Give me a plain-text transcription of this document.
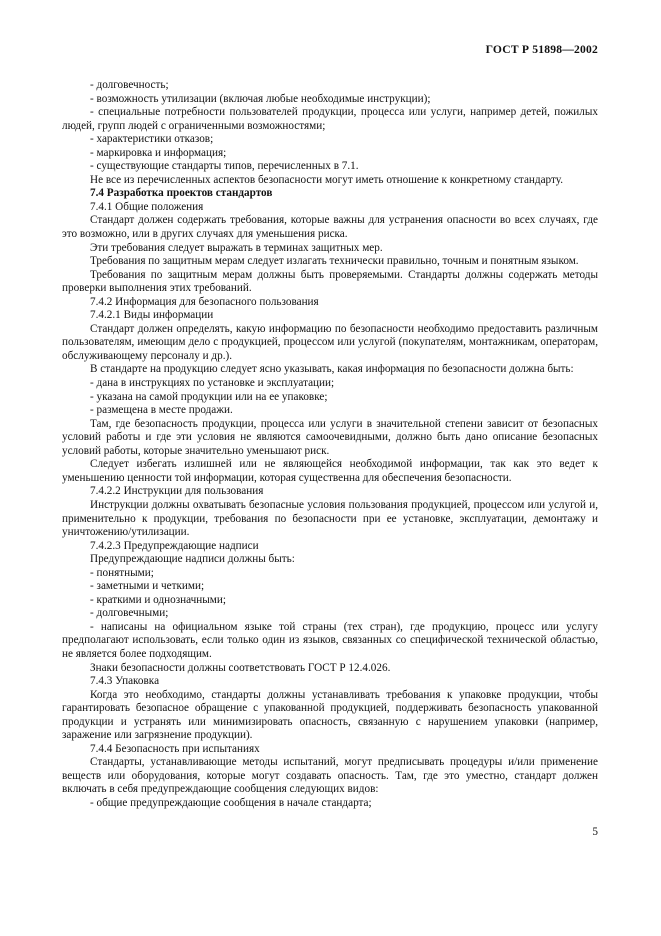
ГОСТ Р 51898—2002

- долговечность;

- возможность утилизации (включая любые необходимые инструкции);

- специальные потребности пользователей продукции, процесса или услуги, например детей, пожилых людей, групп людей с ограниченными возможностями;

- характеристики отказов;

- маркировка и информация;

- существующие стандарты типов, перечисленных в 7.1.

Не все из перечисленных аспектов безопасности могут иметь отношение к конкретному стандарту.

7.4 Разработка проектов стандартов

7.4.1 Общие положения

Стандарт должен содержать требования, которые важны для устранения опасности во всех случаях, где это возможно, или в других случаях для уменьшения риска.

Эти требования следует выражать в терминах защитных мер.

Требования по защитным мерам следует излагать технически правильно, точным и понятным языком.

Требования по защитным мерам должны быть проверяемыми. Стандарты должны содержать методы проверки выполнения этих требований.

7.4.2 Информация для безопасного пользования

7.4.2.1 Виды информации

Стандарт должен определять, какую информацию по безопасности необходимо предоставить различным пользователям, имеющим дело с продукцией, процессом или услугой (покупателям, монтажникам, операторам, обслуживающему персоналу и др.).

В стандарте на продукцию следует ясно указывать, какая информация по безопасности должна быть:

- дана в инструкциях по установке и эксплуатации;

- указана на самой продукции или на ее упаковке;

- размещена в месте продажи.

Там, где безопасность продукции, процесса или услуги в значительной степени зависит от безопасных условий работы и где эти условия не являются самоочевидными, должно быть дано описание безопасных условий работы, которые значительно уменьшают риск.

Следует избегать излишней или не являющейся необходимой информации, так как это ведет к уменьшению ценности той информации, которая существенна для обеспечения безопасности.

7.4.2.2 Инструкции для пользования

Инструкции должны охватывать безопасные условия пользования продукцией, процессом или услугой и, применительно к продукции, требования по безопасности при ее установке, эксплуатации, демонтажу и уничтожению/утилизации.

7.4.2.3 Предупреждающие надписи

Предупреждающие надписи должны быть:

- понятными;

- заметными и четкими;

- краткими и однозначными;

- долговечными;

- написаны на официальном языке той страны (тех стран), где продукцию, процесс или услугу предполагают использовать, если только один из языков, связанных со специфической технической областью, не является более подходящим.

Знаки безопасности должны соответствовать ГОСТ Р 12.4.026.

7.4.3 Упаковка

Когда это необходимо, стандарты должны устанавливать требования к упаковке продукции, чтобы гарантировать безопасное обращение с упакованной продукцией, поддерживать безопасность упакованной продукции и устранять или минимизировать опасность, связанную с нарушением упаковки (например, заражение или загрязнение продукции).

7.4.4 Безопасность при испытаниях

Стандарты, устанавливающие методы испытаний, могут предписывать процедуры и/или применение веществ или оборудования, которые могут создавать опасность. Там, где это уместно, стандарт должен включать в себя предупреждающие сообщения следующих видов:

- общие предупреждающие сообщения в начале стандарта;

5
